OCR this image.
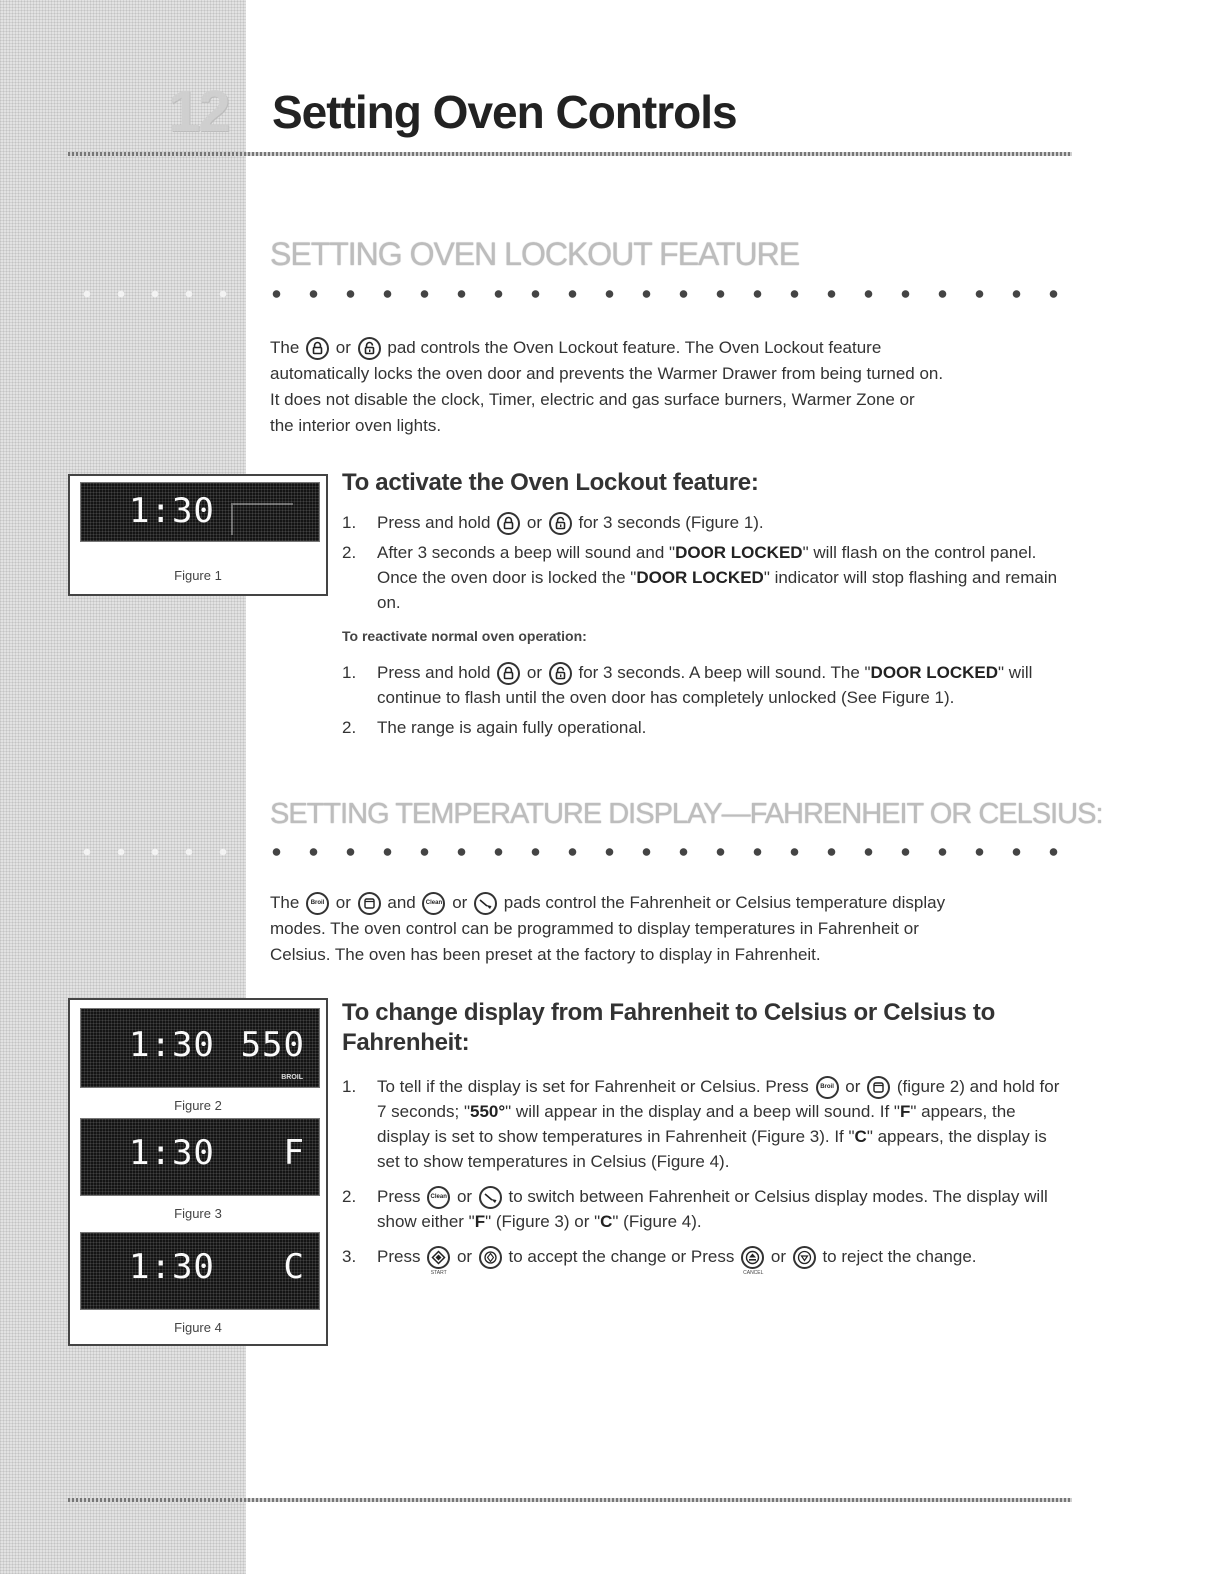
12 Setting Oven Controls
SETTING OVEN LOCKOUT FEATURE

The or pad controls the Oven Lockout feature. The Oven Lockout feature
automatically locks the oven door and prevents the Warmer Drawer from being turned on.
It does not disable the clock, Timer, electric and gas surface burners, Warmer Zone or
the interior oven lights.

1:30
Figure 1
To activate the Oven Lockout feature:
1. Press and hold or for 3 seconds (Figure 1).
2. After 3 seconds a beep will sound and "DOOR LOCKED" will flash on the control panel. Once the oven door is locked the "DOOR LOCKED" indicator will stop flashing and remain on.
To reactivate normal oven operation:
1. Press and hold or for 3 seconds. A beep will sound. The "DOOR LOCKED" will continue to flash until the oven door has completely unlocked (See Figure 1).
2. The range is again fully operational.
SETTING TEMPERATURE DISPLAY—FAHRENHEIT OR CELSIUS:

The	Broil or and Clean or pads control the Fahrenheit or Celsius temperature display
modes. The oven control can be programmed to display temperatures in Fahrenheit or
Celsius. The oven has been preset at the factory to display in Fahrenheit.

1:30 550
BROIL
Figure 2
1:30 F
Figure 3
1:30 C
Figure 4
To change display from Fahrenheit to Celsius or Celsius to
Fahrenheit:
1. To tell if the display is set for Fahrenheit or Celsius. Press	Broil or (figure 2) and hold for 7 seconds; "550°" will appear in the display and a beep will sound. If "F" appears, the display is set to show temperatures in Fahrenheit (Figure 3). If "C" appears, the display is set to show temperatures in Celsius (Figure 4).
2. Press Clean or to switch between Fahrenheit or Celsius display modes. The display will show either "F" (Figure 3) or "C" (Figure 4).
3. Press
START
or to accept the change or Press
CANCEL
or to reject the change.
